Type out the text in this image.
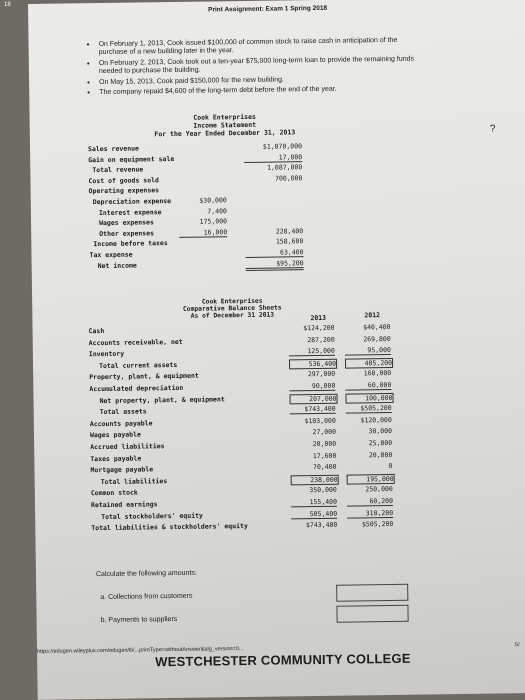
Print Assignment: Exam 1 Spring 2018
• On February 1, 2013, Cook issued $100,000 of common stock to raise cash in anticipation of the purchase of a new building later in the year.
• On February 2, 2013, Cook took out a ten-year $75,000 long-term loan to provide the remaining funds needed to purchase the building.
• On May 15, 2013, Cook paid $150,000 for the new building.
• The company repaid $4,600 of the long-term debt before the end of the year.
Cook Enterprises
Income Statement
For the Year Ended December 31, 2013
Sales revenue	$1,070,000
Gain on equipment sale	17,000
Total revenue	1,087,000
Cost of goods sold	700,000
Operating expenses
Depreciation expense	$30,000
Interest expense	7,400
Wages expenses	175,000
Other expenses	16,000	228,400
Income before taxes	158,600
Tax expense	63,400
Net income	$95,200
Cook Enterprises
Comparative Balance Sheets
As of December 31 2013	2013	2012
Cash	$124,200	$40,400
Accounts receivable, net	287,200	269,800
Inventory	125,000	95,000
Total current assets	536,400	405,200
Property, plant, & equipment	297,000	160,000
Accumulated depreciation	90,000	60,000
Net property, plant, & equipment	207,000	100,000
Total assets	$743,400	$505,200
Accounts payable	$103,000	$120,000
Wages payable	27,000	30,000
Accrued liabilities	20,000	25,000
Taxes payable	17,600	20,000
Mortgage payable	70,400	0
Total liabilities	238,000	195,000
Common stock	350,000	250,000
Retained earnings	155,400	60,200
Total stockholders' equity	505,400	310,200
Total liabilities & stockholders' equity	$743,400	$505,200
Calculate the following amounts:
a. Collections from customers
b. Payments to suppliers
https://edugen.wileyplus.com/edugen/lti/...printType=withoutAnswer&alg_version=0...
5/
WESTCHESTER COMMUNITY COLLEGE
?
18
